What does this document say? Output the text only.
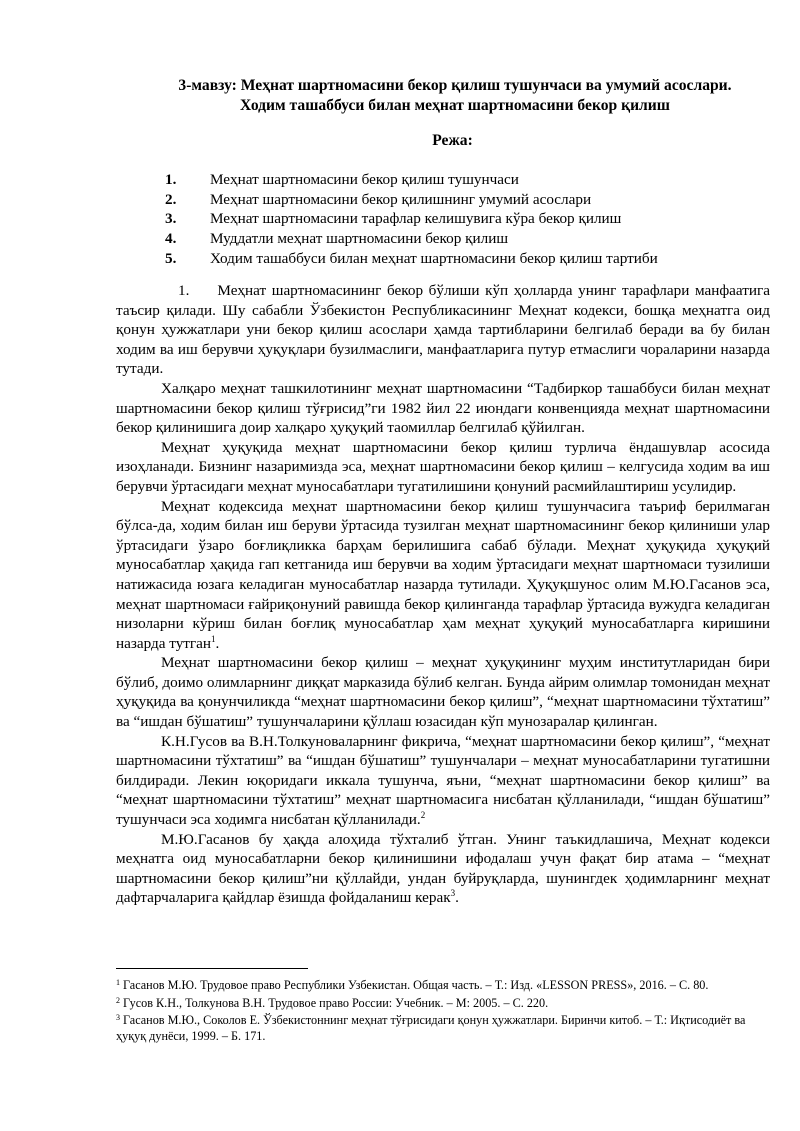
3-мавзу: Меҳнат шартномасини бекор қилиш тушунчаси ва умумий асослари.
Ходим ташаббуси билан меҳнат шартномасини бекор қилиш
Режа:
1.	Меҳнат шартномасини бекор қилиш тушунчаси
2.	Меҳнат шартномасини бекор қилишнинг умумий асослари
3.	Меҳнат шартномасини тарафлар келишувига кўра бекор қилиш
4.	Муддатли меҳнат шартномасини бекор қилиш
5.	Ходим ташаббуси билан меҳнат шартномасини бекор қилиш тартиби

1. Меҳнат шартномасининг бекор бўлиши кўп ҳолларда унинг тарафлари манфаатига таъсир қилади. Шу сабабли Ўзбекистон Республикасининг Меҳнат кодекси, бошқа меҳнатга оид қонун ҳужжатлари уни бекор қилиш асослари ҳамда тартибларини белгилаб беради ва бу билан ходим ва иш берувчи ҳуқуқлари бузилмаслиги, манфаатларига путур етмаслиги чораларини назарда тутади.

Халқаро меҳнат ташкилотининг меҳнат шартномасини “Тадбиркор ташаббуси билан меҳнат шартномасини бекор қилиш тўғрисид”ги 1982 йил 22 июндаги конвенцияда меҳнат шартномасини бекор қилинишига доир халқаро ҳуқуқий таомиллар белгилаб қўйилган.

Меҳнат ҳуқуқида меҳнат шартномасини бекор қилиш турлича ёндашувлар асосида изоҳланади. Бизнинг назаримизда эса, меҳнат шартномасини бекор қилиш – келгусида ходим ва иш берувчи ўртасидаги меҳнат муносабатлари тугатилишини қонуний расмийлаштириш усулидир.

Меҳнат кодексида меҳнат шартномасини бекор қилиш тушунчасига таъриф берилмаган бўлса-да, ходим билан иш беруви ўртасида тузилган меҳнат шартномасининг бекор қилиниши улар ўртасидаги ўзаро боғлиқликка барҳам берилишига сабаб бўлади. Меҳнат ҳуқуқида ҳуқуқий муносабатлар ҳақида гап кетганида иш берувчи ва ходим ўртасидаги меҳнат шартномаси тузилиши натижасида юзага келадиган муносабатлар назарда тутилади. Ҳуқуқшунос олим М.Ю.Гасанов эса, меҳнат шартномаси ғайриқонуний равишда бекор қилинганда тарафлар ўртасида вужудга келадиган низоларни кўриш билан боғлиқ муносабатлар ҳам меҳнат ҳуқуқий муносабатларга киришини назарда тутган$^1$.

Меҳнат шартномасини бекор қилиш – меҳнат ҳуқуқининг муҳим институтларидан бири бўлиб, доимо олимларнинг диққат марказида бўлиб келган. Бунда айрим олимлар томонидан меҳнат ҳуқуқида ва қонунчиликда “меҳнат шартномасини бекор қилиш”, “меҳнат шартномасини тўхтатиш” ва “ишдан бўшатиш” тушунчаларини қўллаш юзасидан кўп мунозаралар қилинган.

К.Н.Гусов ва В.Н.Толкуноваларнинг фикрича, “меҳнат шартномасини бекор қилиш”, “меҳнат шартномасини тўхтатиш” ва “ишдан бўшатиш” тушунчалари – меҳнат муносабатларини тугатишни билдиради. Лекин юқоридаги иккала тушунча, яъни, “меҳнат шартномасини бекор қилиш” ва “меҳнат шартномасини тўхтатиш” меҳнат шартномасига нисбатан қўлланилади, “ишдан бўшатиш” тушунчаси эса ходимга нисбатан қўлланилади.$^2$

М.Ю.Гасанов бу ҳақда алоҳида тўхталиб ўтган. Унинг таъкидлашича, Меҳнат кодекси меҳнатга оид муносабатларни бекор қилинишини ифодалаш учун фақат бир атама – “меҳнат шартномасини бекор қилиш”ни қўллайди, ундан буйруқларда, шунингдек ҳодимларнинг меҳнат дафтарчаларига қайдлар ёзишда фойдаланиш керак$^3$.

$^1$ Гасанов М.Ю. Трудовое право Республики Узбекистан. Общая часть. – Т.: Изд. «LESSON PRESS», 2016. – С. 80.

$^2$ Гусов К.Н., Толкунова В.Н. Трудовое право России: Учебник. – М: 2005. – С. 220.

$^3$ Гасанов М.Ю., Соколов Е. Ўзбекистоннинг меҳнат тўғрисидаги қонун ҳужжатлари. Биринчи китоб. – Т.: Иқтисодиёт ва ҳуқуқ дунёси, 1999. – Б. 171.
